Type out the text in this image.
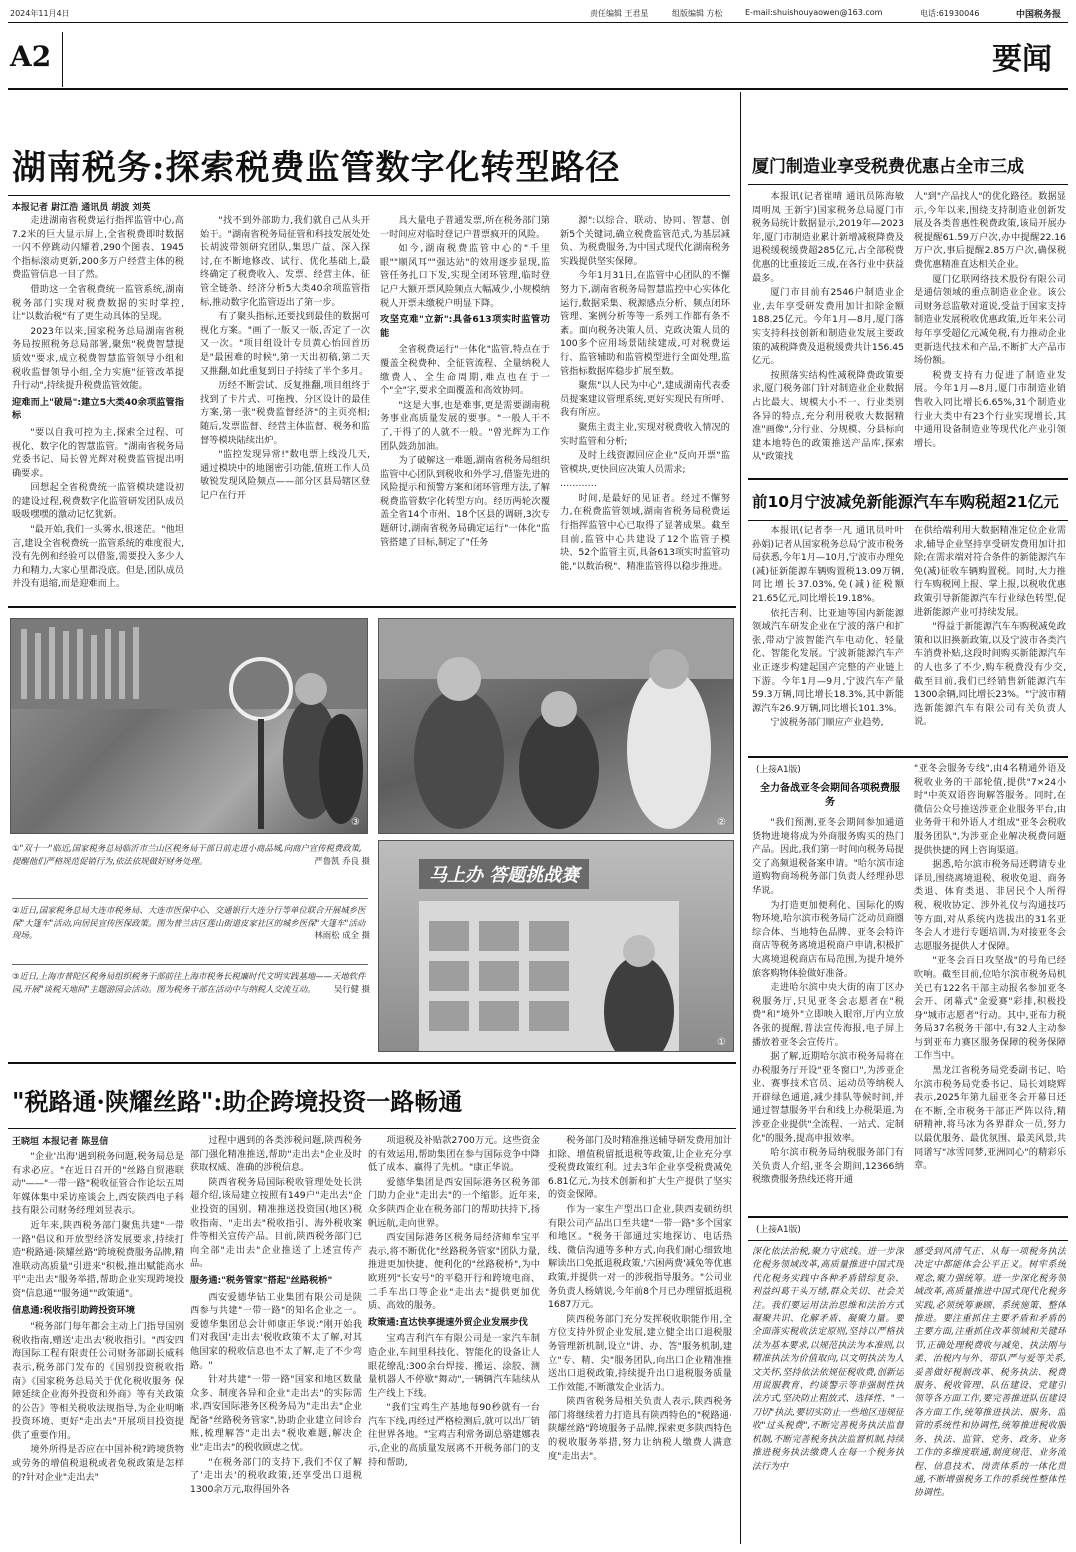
2024年11月4日	责任编辑 王君星	组版编辑 方松	E-mail:shuishouyaowen@163.com	电话:61930046	中国税务报
A2	要闻
湖南税务:探索税费监管数字化转型路径
本报记者 尉江浩 通讯员 胡波 刘英

走进湖南省税费运行指挥监管中心,高7.2米的巨大显示屏上,全省税费即时数据一闪不停跳动闪耀着,290个图表、1945个指标滚动更新,200多万户经营主体的税费监管信息一目了然。

借助这一全省税费统一监管系统,湖南税务部门实现对税费数据的实时掌控,让"以数治税"有了更生动具体的呈现。

2023年以来,国家税务总局湖南省税务局按照税务总局部署,聚焦"税费智慧提质效"要求,成立税费智慧监管领导小组和税收监督领导小组,全力实施"征管改革提升行动",持续提升税费监管效能。

迎难而上"破局":建立5大类40余项监管指标

"要以自我可控为主,探索全过程、可视化、数字化的智慧监管。"湖南省税务局党委书记、局长曾光辉对税费监管提出明确要求。

回想起全省税费统一监管模块建设初的建设过程,税费数字化监管研发团队成员吸吸嘿嘿的激动记忆犹新。

"最开始,我们一头雾水,很迷茫。"他坦言,建设全省税费统一监管系统的难度很大,没有先例和经验可以借鉴,需要投入多少人力和精力,大家心里都没底。但是,团队成员并没有退缩,而是迎难而上。

"找不到外部助力,我们就自己从头开始干。"湖南省税务局征管和科技发展处处长胡波带领研究团队,集思广益、深入探讨,在不断地修改、试行、优化基础上,最终确定了税费收入、发票、经营主体、征管全链条、经济分析5大类40余项监管指标,推动数字化监管迈出了第一步。

有了聚头指标,还要找到最佳的数据可视化方案。"画了一版又一版,否定了一次又一次。"项目组设计专员黄心怡回首历是"最困难的时候",第一天出初稿,第二天又推翻,如此重复到日子持续了半个多月。

历经不断尝试、反复推翻,项目组终于找到了卡片式、可拖拽、分区设计的最佳方案,第一张"税费监督经济"的主页亮相;随后,发票监督、经营主体监督、税务和监督等模块陆续出炉。

"监控发现异常!"数电票上线没几天,通过模块中的地图密引功能,值班工作人员敏锐发现风险频点——部分区县局辖区登记户在行开

具大量电子普通发票,所在税务部门第一时间应对临时登记户普票疯开的风险。

如今,湖南税费监管中心的"千里眼""顺风耳""强达站"的效用逐步显现,监管任务扎口下发,实现全闭环管理,临时登记户大额开票风险频点大幅减少,小规模纳税人开票未缴税户明显下降。

攻坚克难"立新":具备613项实时监管功能

全省税费运行"一体化"监管,特点在于覆盖全税费种、全征管流程、全量纳税人缴费人、全生命周期,难点也在于一个"全"字,要求全面覆盖和高效协同。

"这是大事,也是难事,更是需要湖南税务事业高质量发展的要事。"一般人干不了,干得了的人就不一般。"曾光辉为工作团队鼓劲加油。

为了破解这一难题,湖南省税务局组织监管中心团队到税收和外学习,借鉴先进的风险提示和预警方案和闭环管理方法,了解税费监管数字化转型方向。经历两轮次覆盖全省14个市州、18个区县的调研,3次专题研讨,湖南省税务局确定运行"一体化"监管搭建了目标,制定了"任务

源":以综合、联动、协同、智慧、创新5个关键词,确立税费监管范式,为基层减负、为税费服务,为中国式现代化湖南税务实践提供坚实保障。

今年1月31日,在监管中心团队的不懈努力下,湖南省税务局智慧监控中心实体化运行,数据采集、税源感点分析、频点闭环管理、案例分析等等一系列工作都有条不紊。面向税务决策人员、克政决策人员的100多个应用场景陆续建成,可对税费运行、监管辅助和监管模型进行全面处理,监管指标数据库稳步扩展至数。

聚焦"以人民为中心",建成湖南代表委员提案建议管理系统,更好实现民有所呼、我有所应。

聚焦主责主业,实现对税费收入情况的实时监管和分析;

及时上线资源回应企业"反向开票"监管模块,更快回应决策人员需求;

…………

时间,是最好的见证者。经过不懈努力,在税费监管领域,湖南省税务局税费运行指挥监管中心已取得了显著成果。截至目前,监管中心共建设了12个监管子模块、52个监管主页,具备613项实时监管功能,"以数治税"、精准监管得以稳步推进。

③	②
①
马上办 答题挑战赛
①"双十一"临近,国家税务总局临沂市兰山区税务局干部日前走进小商品城,向商户宣传税费政策,提醒他们严格规范促销行为,依法依规做好财务处理。	严鲁凯 乔良 摄
②近日,国家税务总局大连市税务局、大连市医保中心、交通银行大连分行等单位联合开展城乡医保"大篷车"活动,向居民宣传医保政策。图为普兰店区莲山街道皮家社区的城乡医保"大篷车"活动现场。	林雨松 成全 摄
③近日,上海市普陀区税务局组织税务干部前往上海市税务长税廉时代文明实践基地——天地软件园,开展"谈税天地间"主题游园会活动。图为税务干部在活动中与纳税人交流互动。 吴行健 摄
"税路通·陕耀丝路":助企跨境投资一路畅通
王晓垣 本报记者 陈昱信

"企业'出海'遇到税务问题,税务局总是有求必应。"在近日召开的"丝路自贸港联动"——"一带一路"税收征管合作论坛五周年媒体集中采访座谈会上,西安陕西电子科技有限公司财务经理刘昱表示。

近年来,陕西税务部门聚焦共建"一带一路"倡议和开放型经济发展要求,持续打造"税路通·陕耀丝路"跨境税费服务品牌,精准联动高质量"引进来"积极,推出赋能高水平"走出去"服务举措,帮助企业实现跨境投资"信息通""服务通""政策通"。

信息通:税收指引助跨投资环境

"税务部门每年都会主动上门指导国别税收指南,赠送'走出去'税收指引。"西安四海国际工程有限责任公司财务部副长威科表示,税务部门发布的《国别投资税收指南》《国家税务总局关于优化税收服务 保障延续企业海外投资和外商》等有关政策的公告》等相关税收法规指导,为企业明晰投资环境、更好"走出去"开展项目投资提供了重要作用。

境外所得是否应在中国补税?跨境货物或劳务的增值税退税或者免税政策是怎样的?针对企业"走出去"

过程中遇到的各类涉税问题,陕西税务部门强化精准推送,帮助"走出去"企业及时获取权威、准确的涉税信息。

陕西省税务局国际税收管理处处长洪超介绍,该局建立按照有149户"走出去"企业投资的国别、精准推送投资国(地区)税收指南、"走出去"税收指引、海外税收案件等相关宣传产品。目前,陕西税务部门已向全部"走出去"企业推送了上述宣传产品。

服务通:"税务管家"搭起"丝路税桥"

西安爱德华钻工业集团有限公司是陕西参与共建"一带一路"的知名企业之一。爱德华集团总会计师康正华说:"刚开始我们对我国'走出去'税收政策不太了解,对其他国家的税收信息也不太了解,走了不少弯路。"

针对共建"一带一路"国家和地区数量众多、制度各异和企业"走出去"的实际需求,西安国际港务区税务局为"走出去"企业配备"丝路税务管家",协助企业建立问诊台账,梳理解答"走出去"税收难题,解决企业"走出去"的税收顾虑之忧。

"在税务部门的支持下,我们不仅了解了'走出去'的税收政策,还享受出口退税1300余万元,取得国外各

项退税及补贴款2700万元。这些资金的有效运用,帮助集团在参与国际竞争中降低了成本、赢得了先机。"康正华说。

爱德华集团是西安国际港务区税务部门助力企业"走出去"的一个缩影。近年来,众多陕西企业在税务部门的帮助扶持下,扬帆远航,走向世界。

西安国际港务区税务局经济师牟宝平表示,将不断优化"丝路税务管家"团队力量,推进更加快捷、便利化的"丝路税桥",为中欧班列"长安号"的平稳开行和跨境电商、二手车出口等企业"走出去"提供更加优质、高效的服务。

政策通:直达快享提速外贸企业发展步伐

宝鸡吉利汽车有限公司是一家汽车制造企业,车间里科技化、智能化的设备让人眼花缭乱:300余台焊接、搬运、涂胶、测量机器人不停歇"舞动",一辆辆汽车陆续从生产线上下线。

"我们宝鸡生产基地每90秒就有一台汽车下线,再经过严格检测后,就可以出厂销往世界各地。"宝鸡吉利常务副总骆建娜表示,企业的高质量发展离不开税务部门的支持和帮助,

税务部门及时精准推送辅导研发费用加计扣除、增值税留抵退税等政策,让企业充分享受税费政策红利。过去3年企业享受税费减免6.81亿元,为技术创新和扩大生产提供了坚实的资金保障。

作为一家生产型出口企业,陕西麦硕纺织有限公司产品出口至共建"一带一路"多个国家和地区。"税务干部通过实地探访、电话热线、微信沟通等多种方式,向我们耐心细致地解读出口免抵退税政策,'六困两费'减免等优惠政策,并提供一对一的涉税指导服务。"公司业务负责人杨婧说,今年前8个月已办理留抵退税1687万元。

陕西税务部门充分发挥税收职能作用,全方位支持外贸企业发展,建立健全出口退税服务管理新机制,设立"讲、办、答"服务机制,建立"专、精、尖"服务团队,向出口企业精准推送出口退税政策,持续提升出口退税服务质量工作效能,不断激发企业活力。

陕西省税务局相关负责人表示,陕西税务部门将继续着力打造具有陕西特色的"税路通·陕耀丝路"跨境服务子品牌,探索更多陕西特色的税收服务举措,努力让纳税人缴费人满意度"走出去"。

厦门制造业享受税费优惠占全市三成

本报讯(记者崔晴 通讯员陈海敏 周明凤 王新宇)国家税务总局厦门市税务局统计数据显示,2019年—2023年,厦门市制造业累计新增减税降费及退税缓税缓费超285亿元,占全部税费优惠的比重接近三成,在各行业中获益最多。

厦门市目前有2546户制造业企业,去年享受研发费用加计扣除金额188.25亿元。今年1月—8月,厦门落实支持科技创新和制造业发展主要政策的减税降费及退税缓费共计156.45亿元。

按照落实结构性减税降费政策要求,厦门税务部门针对制造业企业数据占比最大、规模大小不一、行业类别各异的特点,充分利用税收大数据精准"画像",分行业、分规模、分县标向建本地特色的政策推送产品库,探索从"政策找

人"到"产品找人"的优化路径。数据显示,今年以来,围绕支持制造业创新发展及各类普惠性税费政策,该局开展办税提醒61.59万户次,办中提醒22.16万户次,事后提醒2.85万户次,确保税费优惠精准直达相关企业。

厦门亿联网络技术股份有限公司是通信领域的重点制造业企业。该公司财务总监敬对道说,受益于国家支持制造业发展税收优惠政策,近年来公司每年享受超亿元减免税,有力推动企业更新迭代技术和产品,不断扩大产品市场份额。

税费支持有力促进了制造业发展。今年1月—8月,厦门市制造业销售收入同比增长6.65%,31个制造业行业大类中有23个行业实现增长,其中通用设备制造业等现代化产业引领增长。

前10月宁波减免新能源汽车车购税超21亿元

本报讯(记者李一凡 通讯员叶叶 孙娟)记者从国家税务总局宁波市税务局获悉,今年1月—10月,宁波市办理免(减)征新能源车辆购置税13.09万辆,同比增长37.03%,免(减)征税额21.65亿元,同比增长19.18%。

依托吉利、比亚迪等国内新能源领域汽车研发企业在宁波的落户和扩张,带动宁波智能汽车电动化、轻量化、智能化发展。宁波新能源汽车产业正逐步构建起国产完整的产业链上下游。今年1月—9月,宁波汽车产量59.3万辆,同比增长18.3%,其中新能源汽车26.9万辆,同比增长101.3%。

宁波税务部门顺应产业趋势,

在供给端利用大数据精准定位企业需求,辅导企业坚持享受研发费用加计扣除;在需求端对符合条件的新能源汽车免(减)征收车辆购置税。同时,大力推行车购税网上报、掌上报,以税收优惠政策引导新能源汽车行业绿色转型,促进新能源产业可持续发展。

"得益于新能源汽车车购税减免政策和以旧换新政策,以及宁波市各类汽车消费补贴,这段时间购买新能源汽车的人也多了不少,购车税费没有少交,截至目前,我们已经销售新能源汽车1300余辆,同比增长23%。"宁波市精选新能源汽车有限公司有关负责人说。

(上接A1版)
全力备战亚冬会期间各项税费服务

"我们预测,亚冬会期间参加通道货物进境将成为外商服务购买的热门产品。因此,我们第一时间向税务局提交了高频退税备案申请。"哈尔滨市途道购物商场税务部门负责人经理孙思华说。

为打造更加便利化、国际化的购物环境,哈尔滨市税务局广泛动员商圈综合体、当地特色品牌、亚冬会特许商店等税务离境退税商户申请,积极扩大离境退税商店布局范围,为提升境外旅客购物体验做好准备。

走进哈尔滨中央大街的南丁区办税服务厅,只见亚冬会志愿者在"税费"和"境外"立即映入眼帘,厅内立放各张的提醒,普法宣传海报,电子屏上播放着亚冬会宣传片。

据了解,近期哈尔滨市税务局将在办税服务厅开设"亚冬窗口",为涉亚企业、赛事技术官员、运动员等纳税人开辟绿色通道,减少排队等候时间,并通过智慧服务平台和线上办税渠道,为涉亚企业提供"全流程、一站式、定制化"的服务,提高申报效率。

哈尔滨市税务局纳税服务部门有关负责人介绍,亚冬会期间,12366纳税缴费服务热线还将开通

"亚冬会服务专线",由4名精通外语及税收业务的干部轮值,提供"7×24小时"中英双语咨询解答服务。同时,在微信公众号推送涉亚企业服务平台,由业务骨干和外语人才组成"亚冬会税收服务团队",为涉亚企业解决税费问题提供快捷的网上咨询渠道。

据悉,哈尔滨市税务局还聘请专业译员,围绕离境退税、税收免退、商务类退、体育类退、非居民个人所得税、税收协定、涉外礼仪与沟通技巧等方面,对从系统内选拔出的31名亚冬会人才进行专题培训,为对接亚冬会志愿服务提供人才保障。

"亚冬会百日攻坚战"的号角已经吹响。截至目前,位哈尔滨市税务局机关已有122名干部主动报名参加亚冬会开、闭幕式"金爱赛"彩排,积极投身"城市志愿者"行动。其中,亚布力税务局37名税务干部中,有32人主动参与到亚布力赛区服务保障的税务保障工作当中。

黑龙江省税务局党委副书记、哈尔滨市税务局党委书记、局长刘晓辉表示,2025年第九届亚冬会开幕日还在不断,全市税务干部正严阵以待,精研精神,将马冰为各界群众一员,努力以最优服务、最优氛围、最美风景,共同谱写"冰雪同梦,亚洲同心"的精彩乐章。

(上接A1版)
深化依法治税,聚力守底线。进一步深化税务领域改革,高质量推进中国式现代化税务实践中各种矛盾错综复杂、利益纠葛干头万绪,群众关切、社会关注。我们要运用法治思维和法治方式凝聚共识、化解矛盾、凝聚力量。要全面落实税收法定原则,坚持以严格执法为基本要求,以规范执法为本准则,以精准执法为价值取向,以文明执法为人文关怀,坚持依法依规征税收费,创新运用说服教育、约谈警示等非强制性执法方式,坚决防止粗放式、选择性、"一刀切"执法,要切实防止一些地区违规征收"过头税费",不断完善税务执法监督机制,不断完善税务执法监督机制,持续推进税务执法缴费人在每一个税务执法行为中
感受到风清气正、从每一项税务执法决定中都能体会公平正义。树牢系统观念,聚力强统筹。进一步深化税务领域改革,高质量推进中国式现代化税务实践,必须统筹兼顾、系统施策、整体推进。要注重抓住主要矛盾和矛盾的主要方面,注重抓住改革领域和关键环节,正确处理税费收与减免、执法刚与柔、治税内与外、带队严与爱等关系,妥善做好税制改革、税务执法、税费服务、税收管理、队伍建设、党建引领等各方面工作,要完善推进队伍建设各方面工作,统筹推进执法、服务、监管的系统性和协调性,统筹推进税收服务、执法、监管、党务、政务、业务工作的多维度联通,制度规范、业务流程、信息技术、岗责体系的一体化贯通,不断增强税务工作的系统性整体性协调性。
